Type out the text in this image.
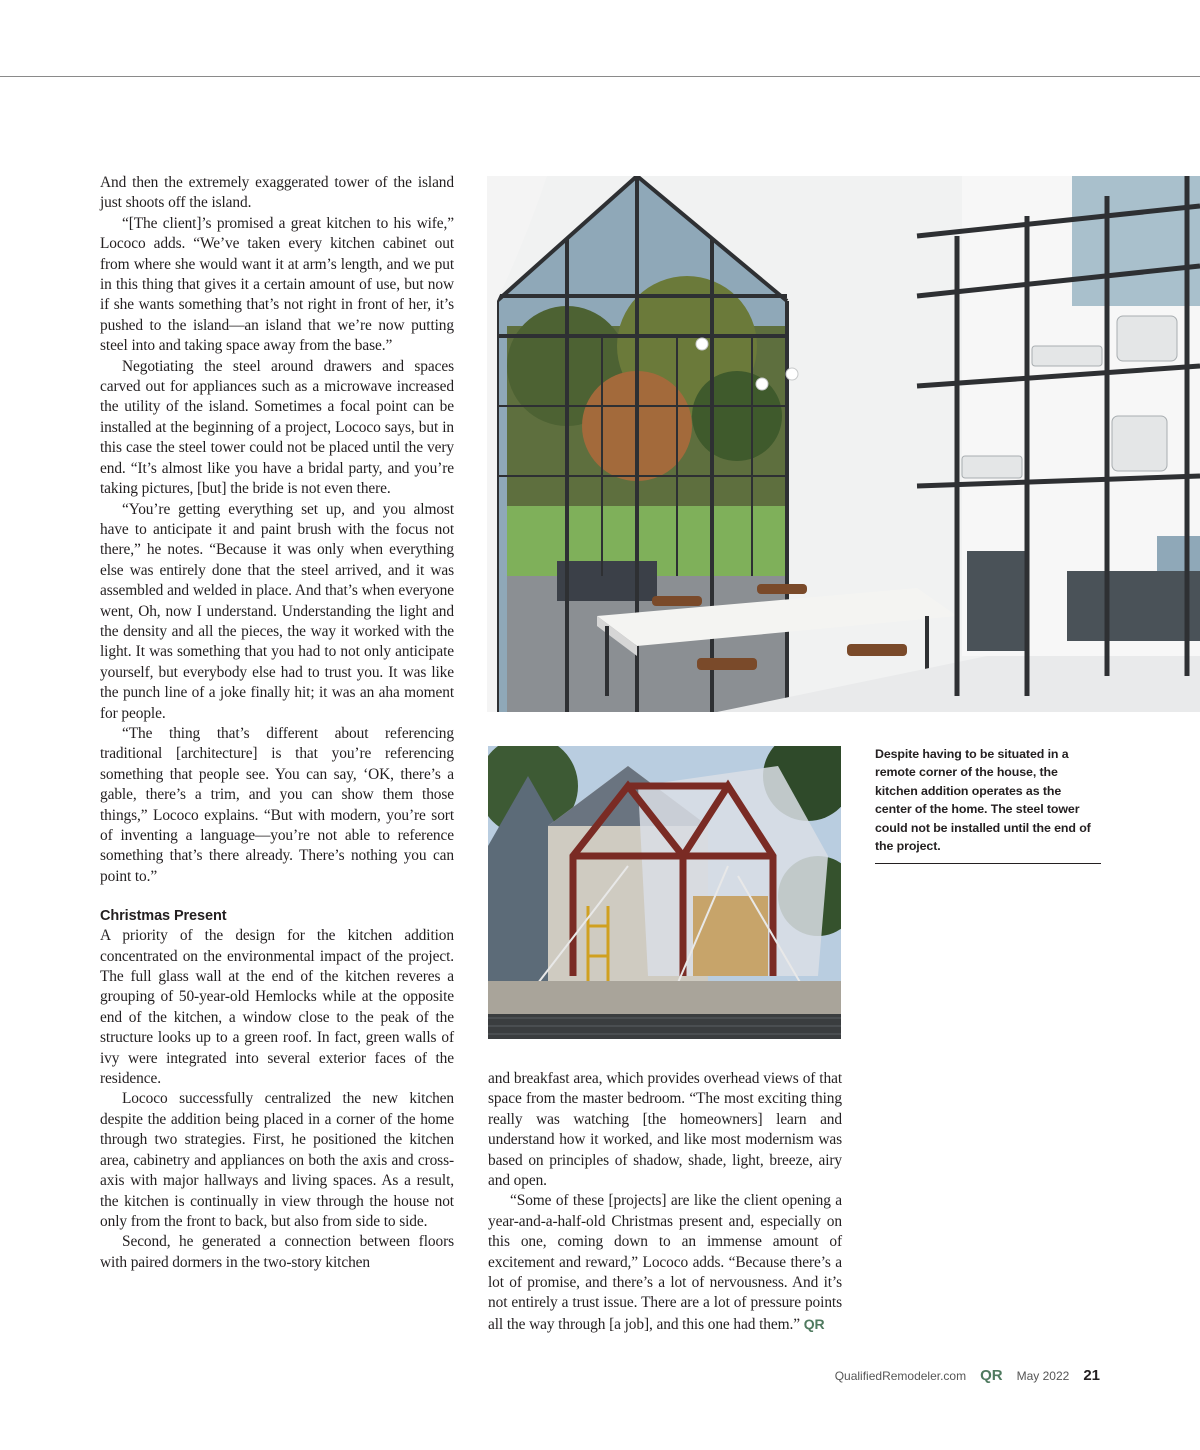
And then the extremely exaggerated tower of the island just shoots off the island.

“[The client]’s promised a great kitchen to his wife,” Lococo adds. “We’ve taken every kitchen cabinet out from where she would want it at arm’s length, and we put in this thing that gives it a certain amount of use, but now if she wants something that’s not right in front of her, it’s pushed to the island—an island that we’re now putting steel into and taking space away from the base.”

Negotiating the steel around drawers and spaces carved out for appliances such as a microwave increased the utility of the island. Sometimes a focal point can be installed at the beginning of a project, Lococo says, but in this case the steel tower could not be placed until the very end. “It’s almost like you have a bridal party, and you’re taking pictures, [but] the bride is not even there.

“You’re getting everything set up, and you almost have to anticipate it and paint brush with the focus not there,” he notes. “Because it was only when everything else was entirely done that the steel arrived, and it was assembled and welded in place. And that’s when everyone went, Oh, now I understand. Understanding the light and the density and all the pieces, the way it worked with the light. It was something that you had to not only anticipate yourself, but everybody else had to trust you. It was like the punch line of a joke finally hit; it was an aha moment for people.

“The thing that’s different about referencing traditional [architecture] is that you’re referencing something that people see. You can say, ‘OK, there’s a gable, there’s a trim, and you can show them those things,” Lococo explains. “But with modern, you’re sort of inventing a language—you’re not able to reference something that’s there already. There’s nothing you can point to.”

Christmas Present

A priority of the design for the kitchen addition concentrated on the environmental impact of the project. The full glass wall at the end of the kitchen reveres a grouping of 50-year-old Hemlocks while at the opposite end of the kitchen, a window close to the peak of the structure looks up to a green roof. In fact, green walls of ivy were integrated into several exterior faces of the residence.

Lococo successfully centralized the new kitchen despite the addition being placed in a corner of the home through two strategies. First, he positioned the kitchen area, cabinetry and appliances on both the axis and cross-axis with major hallways and living spaces. As a result, the kitchen is continually in view through the house not only from the front to back, but also from side to side.

Second, he generated a connection between floors with paired dormers in the two-story kitchen

and breakfast area, which provides overhead views of that space from the master bedroom. “The most exciting thing really was watching [the homeowners] learn and understand how it worked, and like most modernism was based on principles of shadow, shade, light, breeze, airy and open.

“Some of these [projects] are like the client opening a year-and-a-half-old Christmas present and, especially on this one, coming down to an immense amount of excitement and reward,” Lococo adds. “Because there’s a lot of promise, and there’s a lot of nervousness. And it’s not entirely a trust issue. There are a lot of pressure points all the way through [a job], and this one had them.” QR

Despite having to be situated in a remote corner of the house, the kitchen addition operates as the center of the home. The steel tower could not be installed until the end of the project.
QualifiedRemodeler.com QR May 2022 21
